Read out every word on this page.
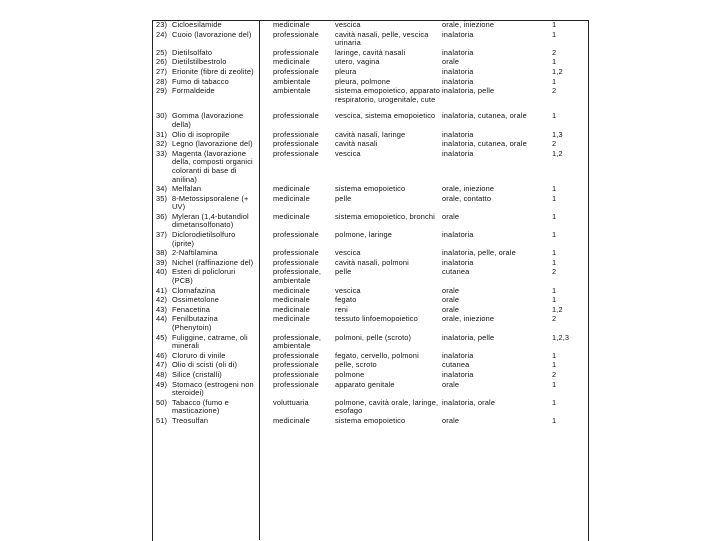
23) Cicloesilamide	medicinale	vescica	orale, iniezione	1
24) Cuoio (lavorazione del)	professionale	cavità nasali, pelle, vescica urinaria	inalatoria	1
25) Dietilsolfato	professionale	laringe, cavità nasali	inalatoria	2
26) Dietilstilbestrolo	medicinale	utero, vagina	orale	1
27) Erionite (fibre di zeolite)	professionale	pleura	inalatoria	1,2
28) Fumo di tabacco	ambientale	pleura, polmone	inalatoria	1
29) Formaldeide	ambientale	sistema emopoietico, apparato respiratorio, urogenitale, cute	inalatoria, pelle	2
30) Gomma (lavorazione della)	professionale	vescica, sistema emopoietico	inalatoria, cutanea, orale	1
31) Olio di isopropile	professionale	cavità nasali, laringe	inalatoria	1,3
32) Legno (lavorazione del)	professionale	cavità nasali	inalatoria, cutanea, orale	2
33) Magenta (lavorazione della, composti organici coloranti di base di anilina)	professionale	vescica	inalatoria	1,2
34) Melfalan	medicinale	sistema emopoietico	orale, iniezione	1
35) 8-Metossipsoralene (+ UV)	medicinale	pelle	orale, contatto	1
36) Myleran (1,4-butandiol dimetansolfonato)	medicinale	sistema emopoietico, bronchi	orale	1
37) Diclorodietilsolfuro (iprite)	professionale	polmone, laringe	inalatoria	1
38) 2-Naftilamina	professionale	vescica	inalatoria, pelle, orale	1
39) Nichel (raffinazione del)	professionale	cavità nasali, polmoni	inalatoria	1
40) Esteri di policloruri (PCB)	professionale, ambientale	pelle	cutanea	2
41) Clornafazina	medicinale	vescica	orale	1
42) Ossimetolone	medicinale	fegato	orale	1
43) Fenacetina	medicinale	reni	orale	1,2
44) Fenilbutazina (Phenytoin)	medicinale	tessuto linfoemopoietico	orale, iniezione	2
45) Fuliggine, catrame, oli minerali	professionale, ambientale	polmoni, pelle (scroto)	inalatoria, pelle	1,2,3
46) Cloruro di vinile	professionale	fegato, cervello, polmoni	inalatoria	1
47) Olio di scisti (oli di)	professionale	pelle, scroto	cutanea	1
48) Silice (cristalli)	professionale	polmone	inalatoria	2
49) Stomaco (estrogeni non steroidei)	professionale	apparato genitale	orale	1
50) Tabacco (fumo e masticazione)	voluttuaria	polmone, cavità orale, laringe, esofago	inalatoria, orale	1
51) Treosulfan	medicinale	sistema emopoietico	orale	1
